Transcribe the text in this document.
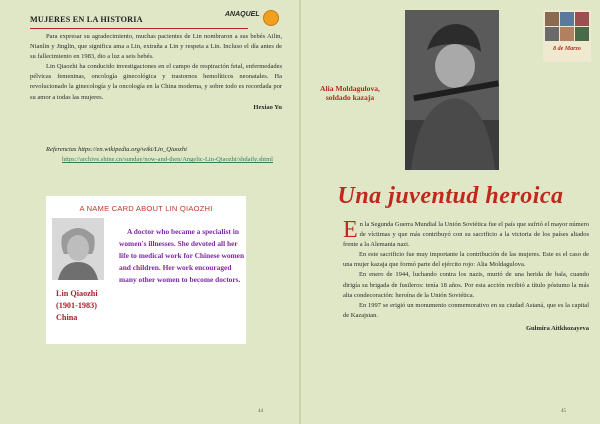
MUJERES EN LA HISTORIA
ANAQUEL

Para expresar su agradecimiento, muchas pacientes de Lin nombraron a sus bebés Ailin, Nianlin y Jinglin, que significa ama a Lin, extraña a Lin y respeta a Lin. Incluso el día antes de su fallecimiento en 1983, dio a luz a seis bebés.

Lin Qiaozhi ha conducido investigaciones en el campo de respiración fetal, enfermedades pélvicas femeninas, oncología ginecológica y trastornos hemolíticos neonatales. Ha revolucionado la ginecología y la oncología en la China moderna, y sobre todo es recordada por su amor a todas las mujeres.

Hexiao Yu

Referencias https://en.wikipedia.org/wiki/Lin_Qiaozhi
https://archive.shine.cn/sunday/now-and-then/Angelic-Lin-Qiaozhi/shdaily.shtml
A NAME CARD ABOUT LIN QIAOZHI
Lin Qiaozhi
(1901-1983)
China
A doctor who became a specialist in women's illnesses. She devoted all her life to medical work for Chinese women and children. Her work encouraged many other women to become doctors.
44
Alia Moldagulova,
soldado kazaja
8 de Marzo
Una juventud heroica

En la Segunda Guerra Mundial la Unión Soviética fue el país que sufrió el mayor número de víctimas y que más contribuyó con su sacrificio a la victoria de los países aliados frente a la Alemania nazi.

En este sacrificio fue muy importante la contribución de las mujeres. Este es el caso de una mujer kazaja que formó parte del ejército rojo: Alia Moldagulova.

En enero de 1944, luchando contra los nazis, murió de una herida de bala, cuando dirigía su brigada de fusileros: tenía 18 años. Por esta acción recibió a título póstumo la más alta condecoración: heroína de la Unión Soviética.

En 1997 se erigió un monumento conmemorativo en su ciudad Astaná, que es la capital de Kazajstan.

Gulmira Aitkhozayeva

45
